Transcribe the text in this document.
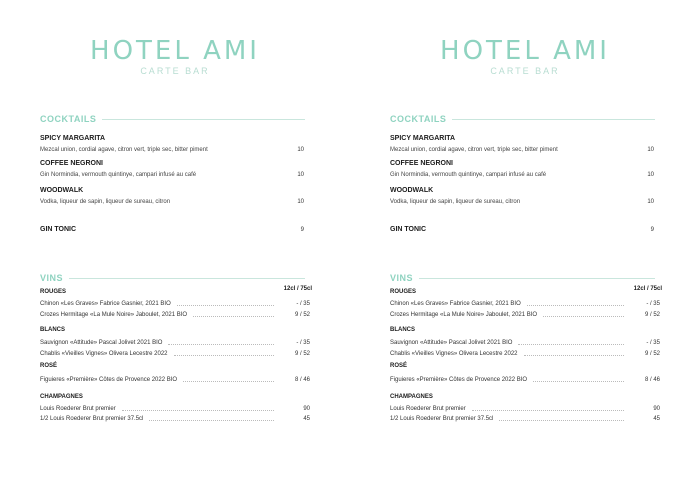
HOTEL AMI
CARTE BAR
COCKTAILS
SPICY MARGARITA
Mezcal union, cordial agave, citron vert, triple sec, bitter piment	10
COFFEE NEGRONI
Gin Normindia, vermouth quintinye, campari infusé au café	10
WOODWALK
Vodka, liqueur de sapin, liqueur de sureau, citron	10
GIN TONIC	9
VINS
12cl / 75cl
ROUGES
Chinon «Les Graves» Fabrice Gasnier, 2021 BIO	- / 35
Crozes Hermitage «La Mule Noire» Jaboulet, 2021 BIO	9 / 52
BLANCS
Sauvignon «Attitude» Pascal Jolivet 2021 BIO	- / 35
Chablis «Vieilles Vignes» Olivera Lecestre 2022	9 / 52
ROSÉ
Figuieres «Première» Côtes de Provence 2022 BIO	8 / 46
CHAMPAGNES
Louis Roederer Brut premier	90
1/2 Louis Roederer Brut premier 37.5cl	45
HOTEL AMI
CARTE BAR
COCKTAILS
SPICY MARGARITA
Mezcal union, cordial agave, citron vert, triple sec, bitter piment	10
COFFEE NEGRONI
Gin Normindia, vermouth quintinye, campari infusé au café	10
WOODWALK
Vodka, liqueur de sapin, liqueur de sureau, citron	10
GIN TONIC	9
VINS
12cl / 75cl
ROUGES
Chinon «Les Graves» Fabrice Gasnier, 2021 BIO	- / 35
Crozes Hermitage «La Mule Noire» Jaboulet, 2021 BIO	9 / 52
BLANCS
Sauvignon «Attitude» Pascal Jolivet 2021 BIO	- / 35
Chablis «Vieilles Vignes» Olivera Lecestre 2022	9 / 52
ROSÉ
Figuieres «Première» Côtes de Provence 2022 BIO	8 / 46
CHAMPAGNES
Louis Roederer Brut premier	90
1/2 Louis Roederer Brut premier 37.5cl	45
